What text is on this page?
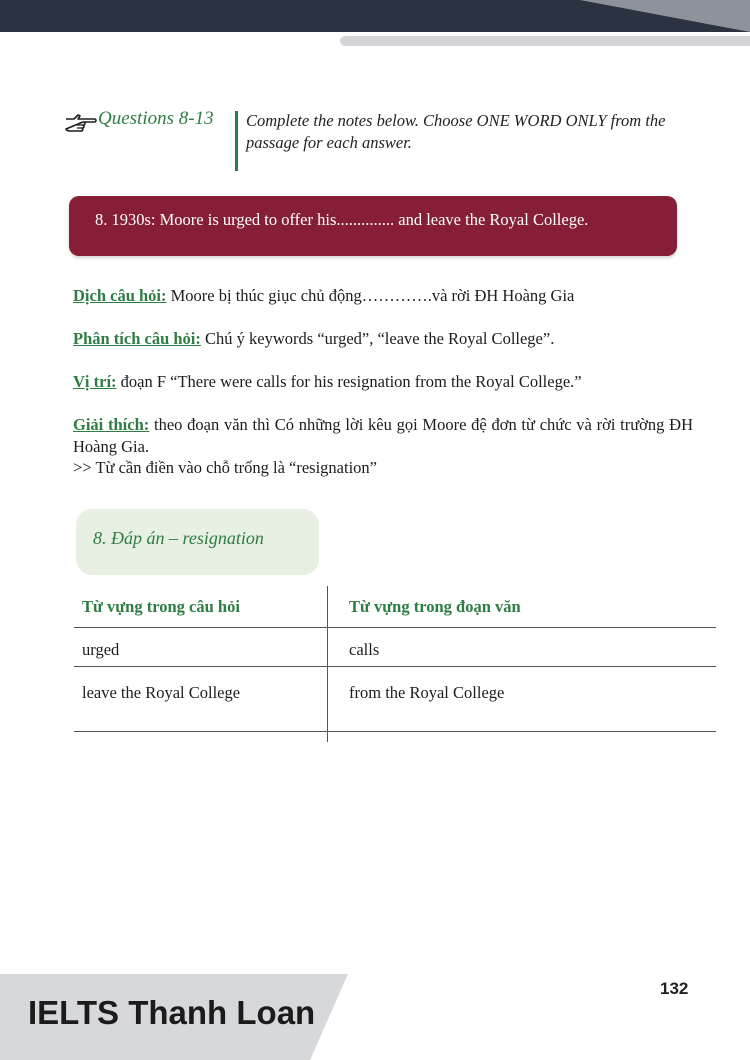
Questions 8-13 Complete the notes below. Choose ONE WORD ONLY from the passage for each answer.
8. 1930s: Moore is urged to offer his.............. and leave the Royal College.
Dịch câu hỏi: Moore bị thúc giục chủ động………….và rời ĐH Hoàng Gia
Phân tích câu hỏi: Chú ý keywords “urged”, “leave the Royal College”.
Vị trí: đoạn F “There were calls for his resignation from the Royal College.”
Giải thích: theo đoạn văn thì Có những lời kêu gọi Moore đệ đơn từ chức và rời trường ĐH Hoàng Gia.
>> Từ cần điền vào chỗ trống là “resignation”
8. Đáp án – resignation
Từ vựng trong câu hỏi	Từ vựng trong đoạn văn
urged	calls
leave the Royal College	from the Royal College
132
IELTS Thanh Loan
